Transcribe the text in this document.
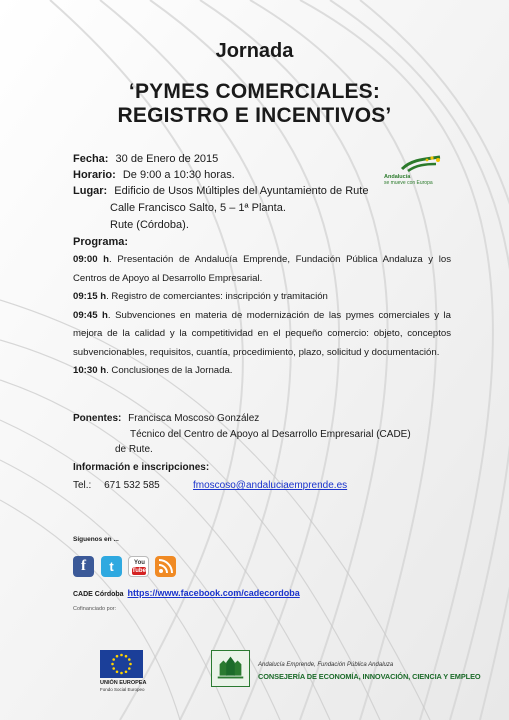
Jornada
‘PYMES COMERCIALES:
REGISTRO E INCENTIVOS’
Andalucía
se mueve con Europa
Fecha: 30 de Enero de 2015
Horario: De 9:00 a 10:30 horas.
Lugar: Edificio de Usos Múltiples del Ayuntamiento de Rute
Calle Francisco Salto, 5 – 1ª Planta.
Rute (Córdoba).
Programa:

09:00 h. Presentación de Andalucía Emprende, Fundación Pública Andaluza y los Centros de Apoyo al Desarrollo Empresarial.

09:15 h. Registro de comerciantes: inscripción y tramitación

09:45 h. Subvenciones en materia de modernización de las pymes comerciales y la mejora de la calidad y la competitividad en el pequeño comercio: objeto, conceptos subvencionables, requisitos, cuantía, procedimiento, plazo, solicitud y documentación.

10:30 h. Conclusiones de la Jornada.

Ponentes: Francisca Moscoso González
Técnico del Centro de Apoyo al Desarrollo Empresarial (CADE)
de Rute.
Información e inscripciones:
Tel.: 671 532 585	fmoscoso@andaluciaemprende.es
Síguenos en ...
f	t	You
Tube
CADE Córdoba https://www.facebook.com/cadecordoba
Cofinanciado por:
UNIÓN EUROPEA
Fondo Social Europeo
Andalucía Emprende, Fundación Pública Andaluza
CONSEJERÍA DE ECONOMÍA, INNOVACIÓN, CIENCIA Y EMPLEO
